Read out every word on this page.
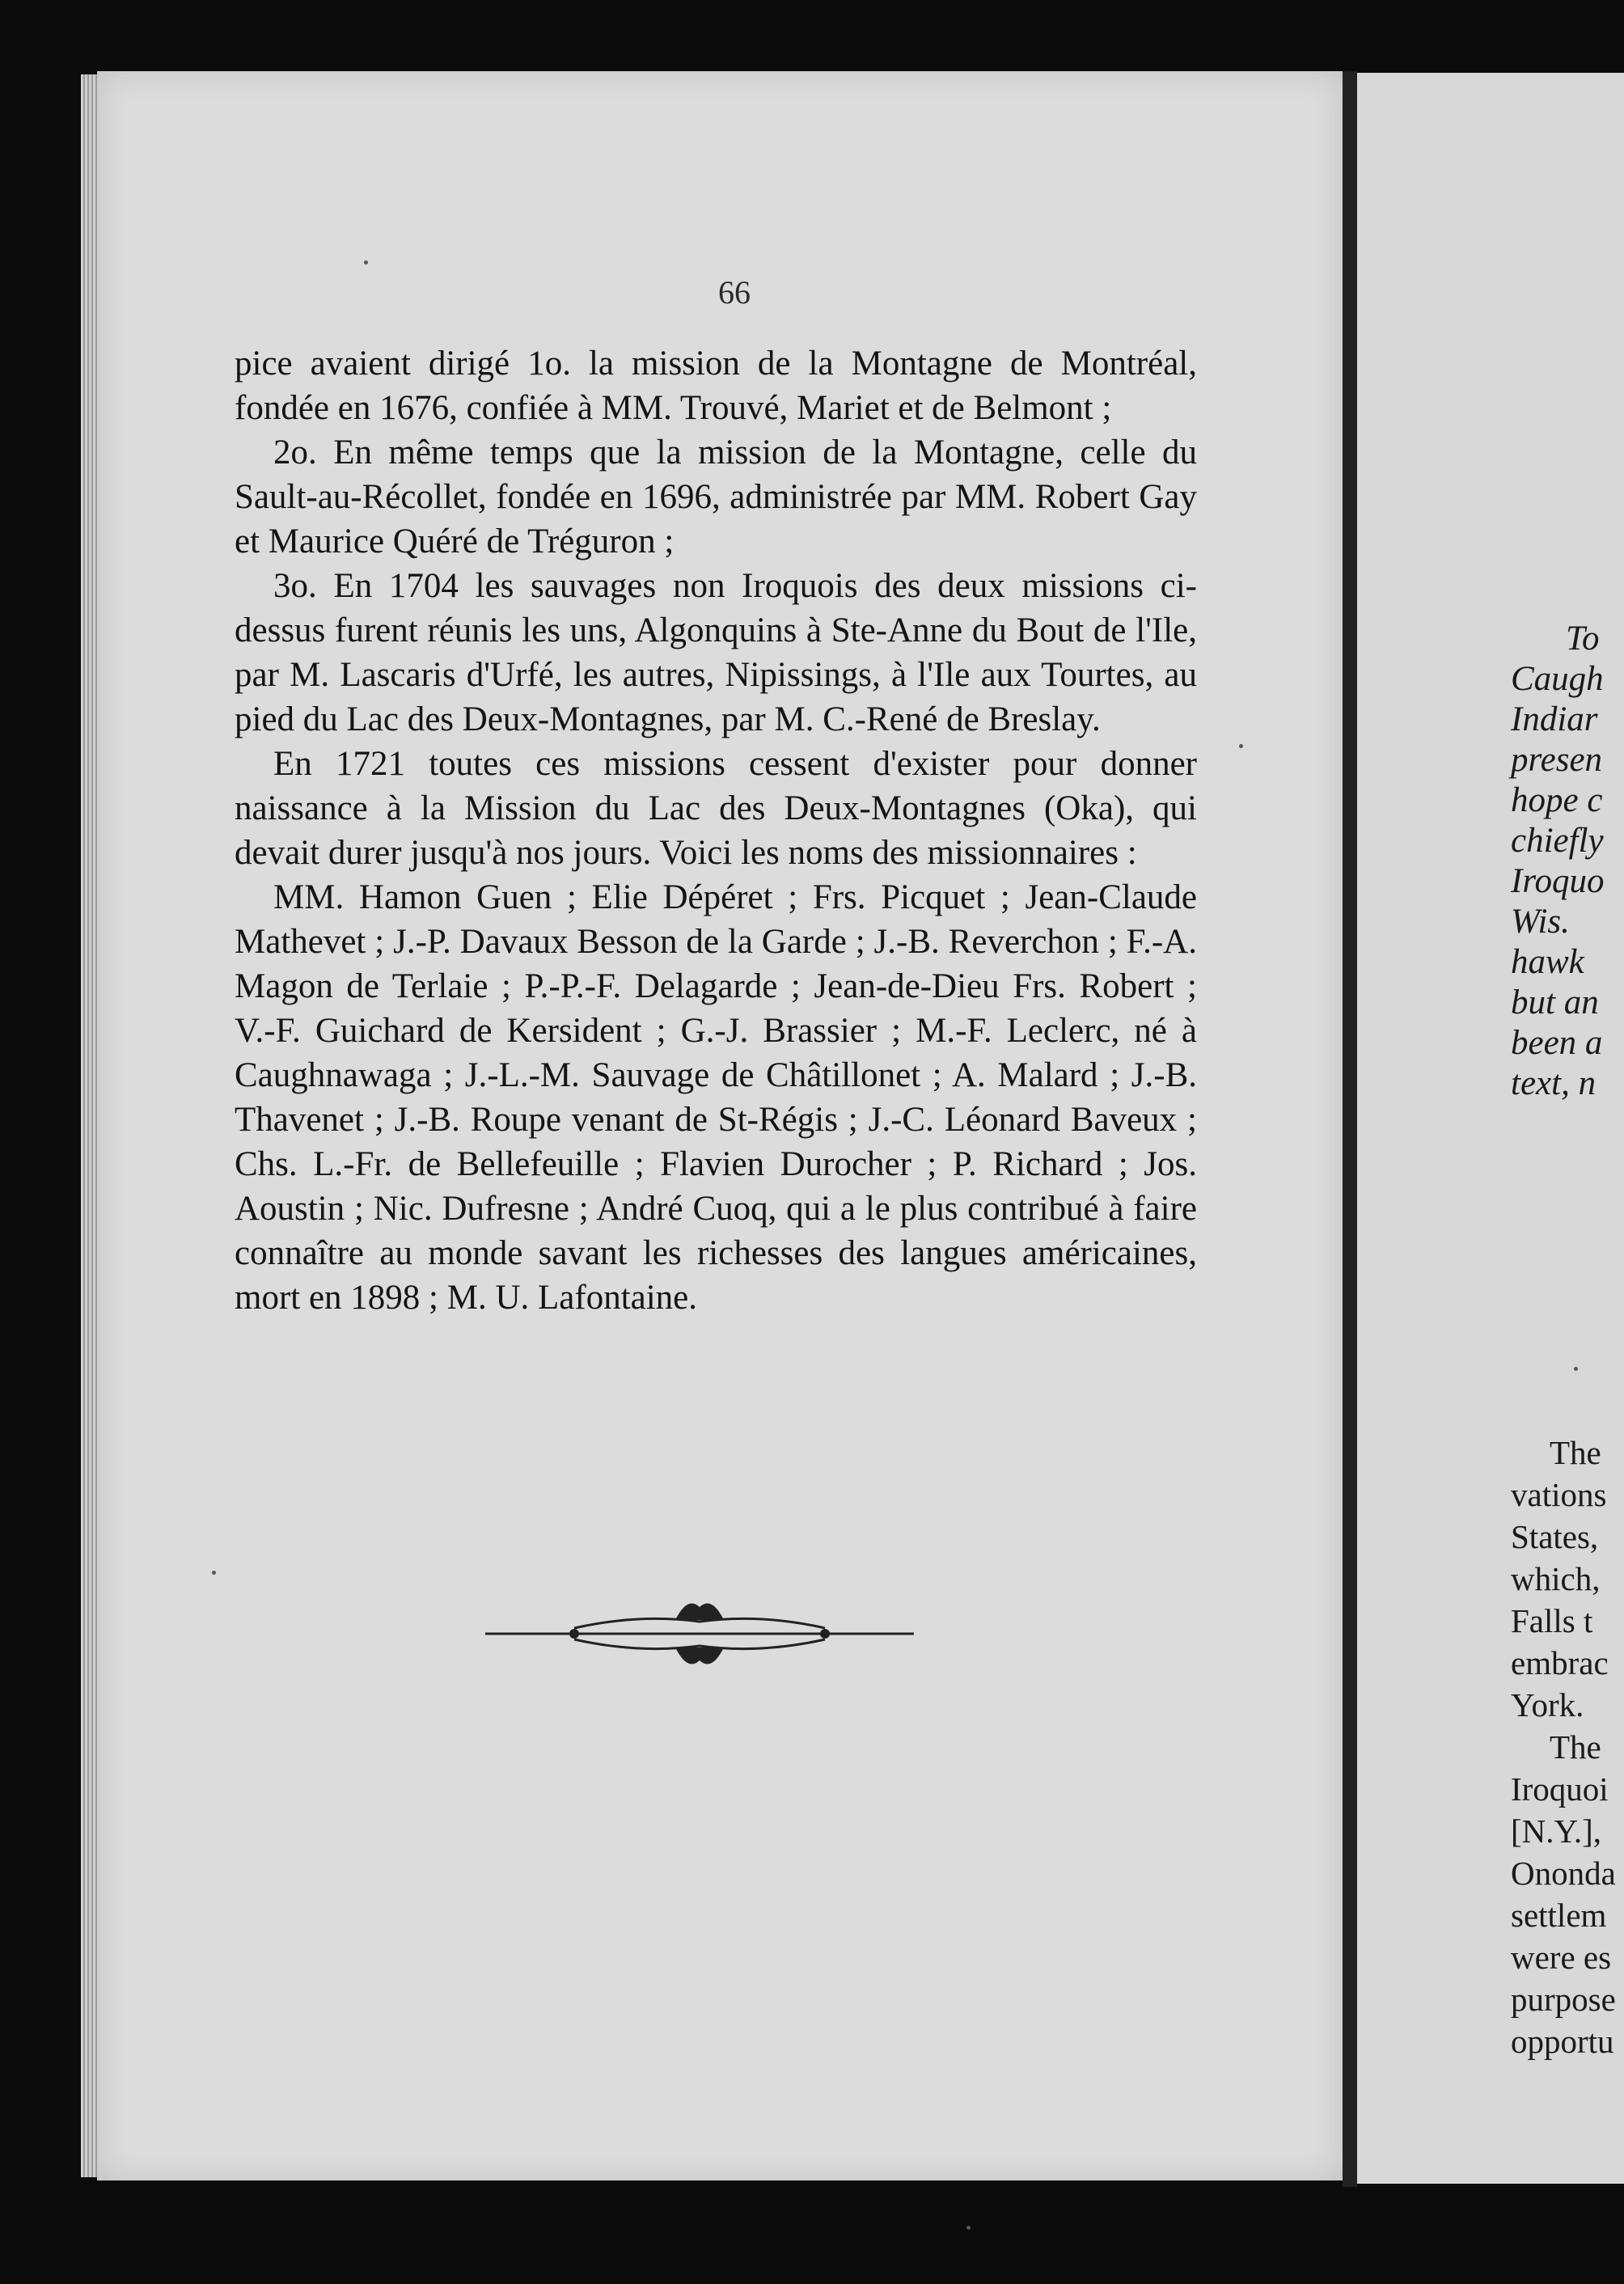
66

pice avaient dirigé 1o. la mission de la Montagne de Montréal, fondée en 1676, confiée à MM. Trouvé, Mariet et de Belmont ;

2o. En même temps que la mission de la Montagne, celle du Sault-au-Récollet, fondée en 1696, administrée par MM. Robert Gay et Maurice Quéré de Tréguron ;

3o. En 1704 les sauvages non Iroquois des deux missions ci-dessus furent réunis les uns, Algonquins à Ste-Anne du Bout de l'Ile, par M. Lascaris d'Urfé, les autres, Nipissings, à l'Ile aux Tourtes, au pied du Lac des Deux-Montagnes, par M. C.-René de Breslay.

En 1721 toutes ces missions cessent d'exister pour donner naissance à la Mission du Lac des Deux-Montagnes (Oka), qui devait durer jusqu'à nos jours. Voici les noms des missionnaires :

MM. Hamon Guen ; Elie Dépéret ; Frs. Picquet ; Jean-Claude Mathevet ; J.-P. Davaux Besson de la Garde ; J.-B. Reverchon ; F.-A. Magon de Terlaie ; P.-P.-F. Delagarde ; Jean-de-Dieu Frs. Robert ; V.-F. Guichard de Kersident ; G.-J. Brassier ; M.-F. Leclerc, né à Caughnawaga ; J.-L.-M. Sauvage de Châtillonet ; A. Malard ; J.-B. Thavenet ; J.-B. Roupe venant de St-Régis ; J.-C. Léonard Baveux ; Chs. L.-Fr. de Bellefeuille ; Flavien Durocher ; P. Richard ; Jos. Aoustin ; Nic. Dufresne ; André Cuoq, qui a le plus contribué à faire connaître au monde savant les richesses des langues américaines, mort en 1898 ; M. U. Lafontaine.

To
Caugh
Indiar
presen
hope c
chiefly
Iroquo
Wis.
hawk
but an
been a
text, n
The
vations
States,
which,
Falls t
embrac
York.
The
Iroquoi
[N.Y.],
Ononda
settlem
were es
purpose
opportu
